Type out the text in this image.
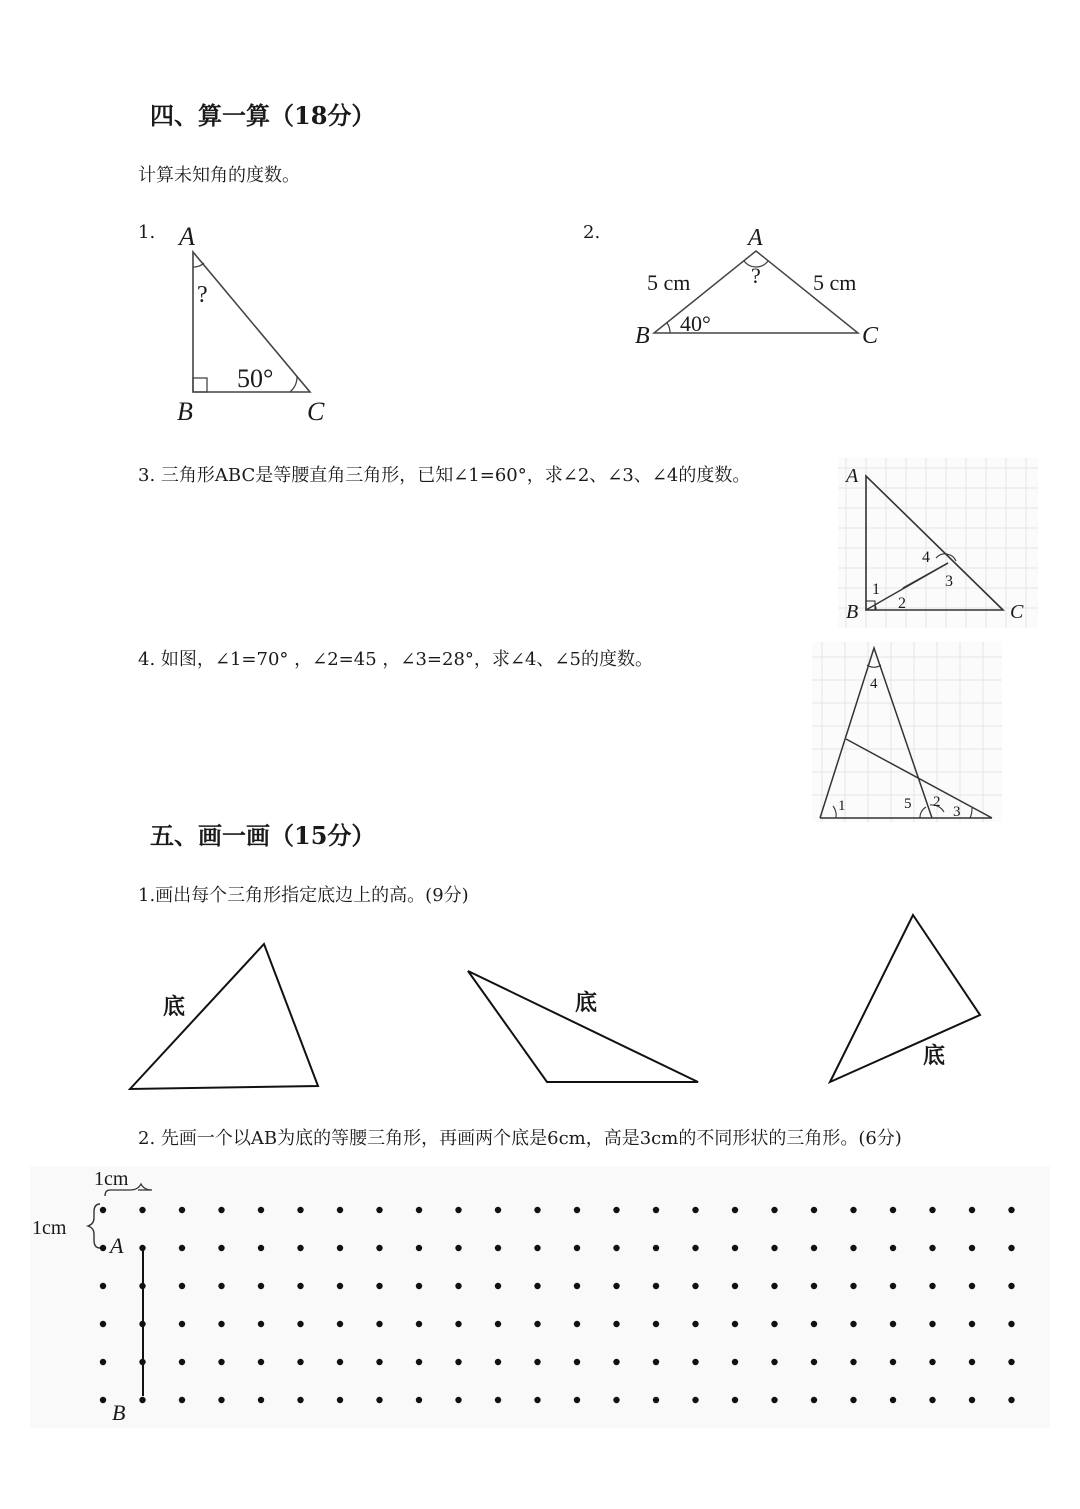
四、算一算（18分）
计算未知角的度数。
1. A
B	C
?
50°
2.	A
B	C
?
40°
5 cm	5 cm
3. 三角形ABC是等腰直角三角形，已知∠1=60°，求∠2、∠3、∠4的度数。	A
B	C
1
2
3
4
4. 如图，∠1=70° ，∠2=45 ，∠3=28°，求∠4、∠5的度数。
4
1	5 2
3
五、画一画（15分）
1.画出每个三角形指定底边上的高。(9分)
底	底
底
2. 先画一个以AB为底的等腰三角形，再画两个底是6cm，高是3cm的不同形状的三角形。(6分)
1cm
1cm
A
B
